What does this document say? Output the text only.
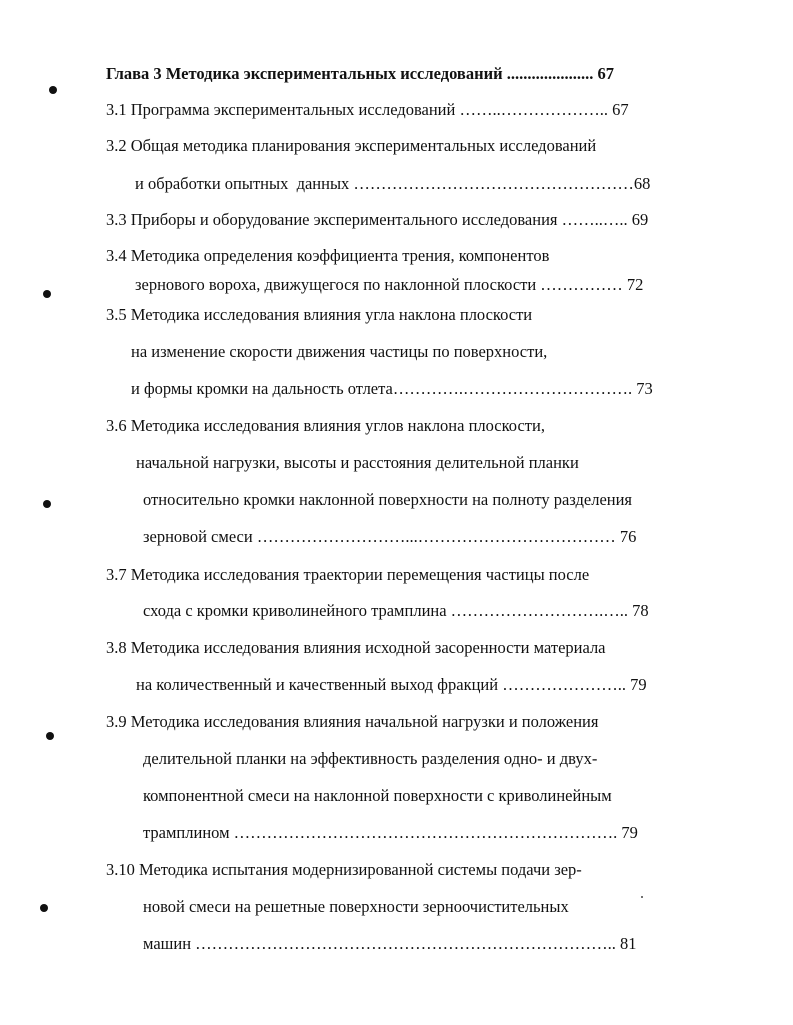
Глава 3 Методика экспериментальных исследований ..................... 67
3.1 Программа экспериментальных исследований ……..……………….. 67
3.2 Общая методика планирования экспериментальных исследований
и обработки опытных  данных ……………………………………………68
3.3 Приборы и оборудование экспериментального исследования ……..….. 69
3.4 Методика определения коэффициента трения, компонентов
зернового вороха, движущегося по наклонной плоскости …………… 72
3.5 Методика исследования влияния угла наклона плоскости
на изменение скорости движения частицы по поверхности,
и формы кромки на дальность отлета………….…………………………. 73
3.6 Методика исследования влияния углов наклона плоскости,
начальной нагрузки, высоты и расстояния делительной планки
относительно кромки наклонной поверхности на полноту разделения
зерновой смеси ………………………...……………………………… 76
3.7 Методика исследования траектории перемещения частицы после
схода с кромки криволинейного трамплина ……………………….….. 78
3.8 Методика исследования влияния исходной засоренности материала
на количественный и качественный выход фракций ………………….. 79
3.9 Методика исследования влияния начальной нагрузки и положения
делительной планки на эффективность разделения одно- и двух-
компонентной смеси на наклонной поверхности с криволинейным
трамплином ……………………………………………………………. 79
3.10 Методика испытания модернизированной системы подачи зер-
новой смеси на решетные поверхности зерноочистительных
машин ………………………………………………………………….. 81
